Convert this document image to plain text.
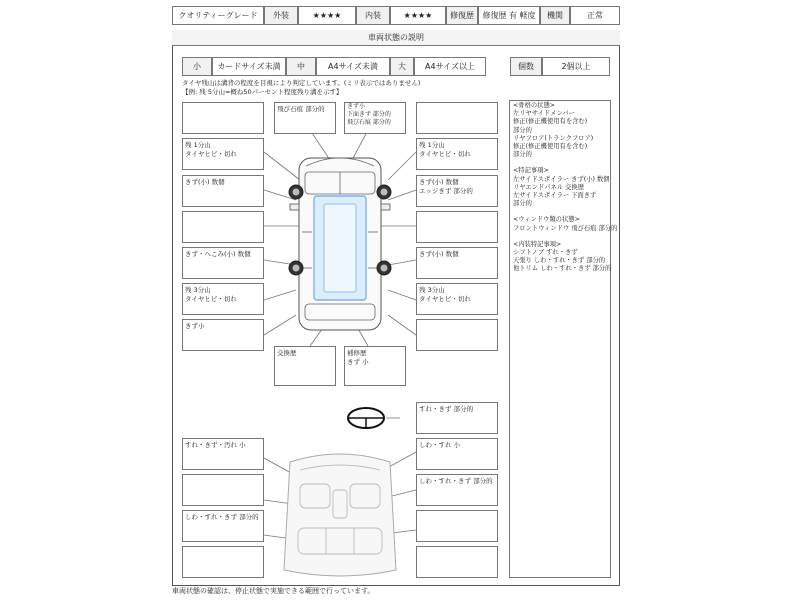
クオリティーグレード	外装	★★★★	内装	★★★★	修復歴	修復歴 有 軽度	機関	正常
車両状態の説明
小	カードサイズ未満	中	A4サイズ未満	大	A4サイズ以上	個数	2個以上
タイヤ残山は溝背の程度を目視により判定しています。(ミリ表示ではありません)
【例: 残 5分山=概ね50パーセント程度残り溝を示す】
残 1分山
タイヤヒビ・切れ
きず(小) 数個
きず・へこみ(小) 数個
残 3分山
タイヤヒビ・切れ
きず小
飛び石痕 部分的	きず小
下面きず 部分的
飛び石痕 部分的
残 1分山
タイヤヒビ・切れ
きず(小) 数個
エッジきず 部分的
きず(小) 数個
残 3分山
タイヤヒビ・切れ
交換歴	補修歴
きず 小
すれ・きず 部分的
すれ・きず・汚れ 小
しわ・すれ・きず 部分的
しわ・すれ 小
しわ・すれ・きず 部分的
<骨格の状態>
左リヤサイドメンバー
修正(修正機使用有を含む)
部分的
リヤフロア(トランクフロア)
修正(修正機使用有を含む)
部分的
<特記事項>
左サイドスポイラー きず(小) 数個
リヤエンドパネル 交換歴
左サイドスポイラー 下面きず
部分的
<ウィンドウ類の状態>
フロントウィンドウ 飛び石痕 部分的
<内装特記事項>
シフトノブ すれ・きず
天張り しわ・すれ・きず 部分的
他トリム しわ・すれ・きず 部分的
車両状態の確認は、停止状態で実施できる範囲で行っています。
